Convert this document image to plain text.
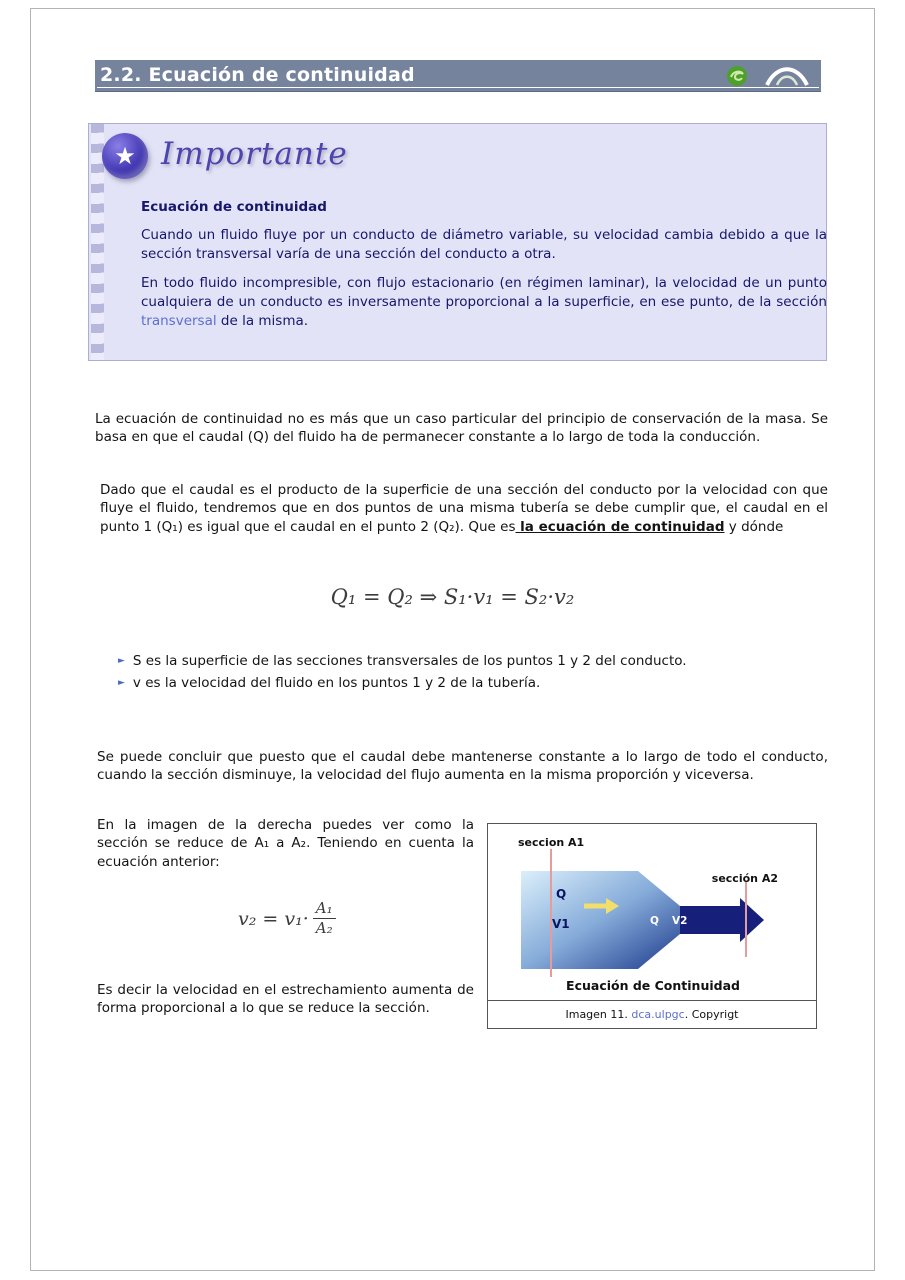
2.2. Ecuación de continuidad
★ Importante
Ecuación de continuidad
Cuando un fluido fluye por un conducto de diámetro variable, su velocidad cambia debido a que la sección transversal varía de una sección del conducto a otra.
En todo fluido incompresible, con flujo estacionario (en régimen laminar), la velocidad de un punto cualquiera de un conducto es inversamente proporcional a la superficie, en ese punto, de la sección transversal de la misma.
La ecuación de continuidad no es más que un caso particular del principio de conservación de la masa. Se basa en que el caudal (Q) del fluido ha de permanecer constante a lo largo de toda la conducción.
Dado que el caudal es el producto de la superficie de una sección del conducto por la velocidad con que fluye el fluido, tendremos que en dos puntos de una misma tubería se debe cumplir que, el caudal en el punto 1 (Q₁) es igual que el caudal en el punto 2 (Q₂). Que es la ecuación de continuidad y dónde
Q₁ = Q₂ ⇒ S₁·v₁ = S₂·v₂
► S es la superficie de las secciones transversales de los puntos 1 y 2 del conducto.
► v es la velocidad del fluido en los puntos 1 y 2 de la tubería.
Se puede concluir que puesto que el caudal debe mantenerse constante a lo largo de todo el conducto, cuando la sección disminuye, la velocidad del flujo aumenta en la misma proporción y viceversa.
En la imagen de la derecha puedes ver como la sección se reduce de A₁ a A₂. Teniendo en cuenta la ecuación anterior:
$v_2 = v_1\cdot \frac{\text{A₁}}{\text{A₂}}$
Es decir la velocidad en el estrechamiento aumenta de forma proporcional a lo que se reduce la sección.
seccion A1
sección A2
Q
V1	Q V2
Ecuación de Continuidad
Imagen 11. dca.ulpgc. Copyrigt
